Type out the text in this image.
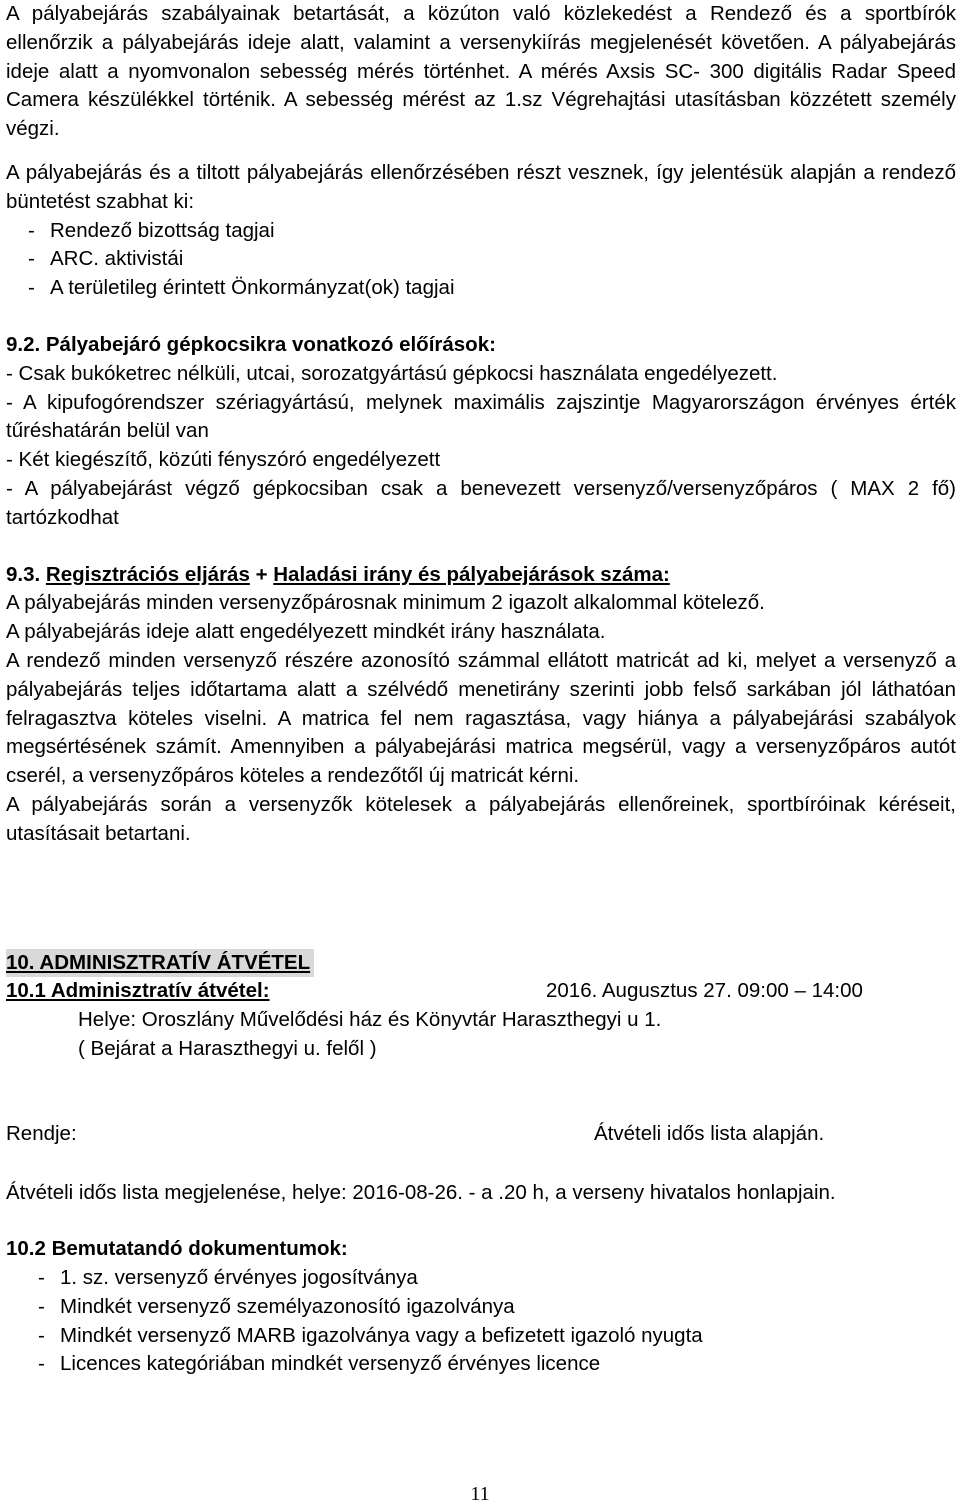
A pályabejárás szabályainak betartását, a közúton való közlekedést a Rendező és a sportbírók ellenőrzik a pályabejárás ideje alatt, valamint a versenykiírás megjelenését követően. A pályabejárás ideje alatt a nyomvonalon sebesség mérés történhet. A mérés Axsis SC- 300 digitális Radar Speed Camera készülékkel történik. A sebesség mérést az 1.sz Végrehajtási utasításban közzétett személy végzi.

A pályabejárás és a tiltott pályabejárás ellenőrzésében részt vesznek, így jelentésük alapján a rendező büntetést szabhat ki:

- Rendező bizottság tagjai
- ARC. aktivistái
- A területileg érintett Önkormányzat(ok) tagjai
9.2. Pályabejáró gépkocsikra vonatkozó előírások:

- Csak bukóketrec nélküli, utcai, sorozatgyártású gépkocsi használata engedélyezett.

- A kipufogórendszer szériagyártású, melynek maximális zajszintje Magyarországon érvényes érték tűréshatárán belül van

- Két kiegészítő, közúti fényszóró engedélyezett

- A pályabejárást végző gépkocsiban csak a benevezett versenyző/versenyzőpáros ( MAX 2 fő) tartózkodhat

9.3. Regisztrációs eljárás + Haladási irány és pályabejárások száma:

A pályabejárás minden versenyzőpárosnak minimum 2 igazolt alkalommal kötelező.

A pályabejárás ideje alatt engedélyezett mindkét irány használata.

A rendező minden versenyző részére azonosító számmal ellátott matricát ad ki, melyet a versenyző a pályabejárás teljes időtartama alatt a szélvédő menetirány szerinti jobb felső sarkában jól láthatóan felragasztva köteles viselni. A matrica fel nem ragasztása, vagy hiánya a pályabejárási szabályok megsértésének számít. Amennyiben a pályabejárási matrica megsérül, vagy a versenyzőpáros autót cserél, a versenyzőpáros köteles a rendezőtől új matricát kérni.

A pályabejárás során a versenyzők kötelesek a pályabejárás ellenőreinek, sportbíróinak kéréseit, utasításait betartani.

10. ADMINISZTRATÍV ÁTVÉTEL
10.1 Adminisztratív átvétel:	2016. Augusztus 27. 09:00 – 14:00
Helye: Oroszlány Művelődési ház és Könyvtár Haraszthegyi u 1.
( Bejárat a Haraszthegyi u. felől )
Rendje:	Átvételi idős lista alapján.

Átvételi idős lista megjelenése, helye: 2016-08-26. - a .20 h, a verseny hivatalos honlapjain.

10.2 Bemutatandó dokumentumok:
- 1. sz. versenyző érvényes jogosítványa
- Mindkét versenyző személyazonosító igazolványa
- Mindkét versenyző MARB igazolványa vagy a befizetett igazoló nyugta
- Licences kategóriában mindkét versenyző érvényes licence
11
